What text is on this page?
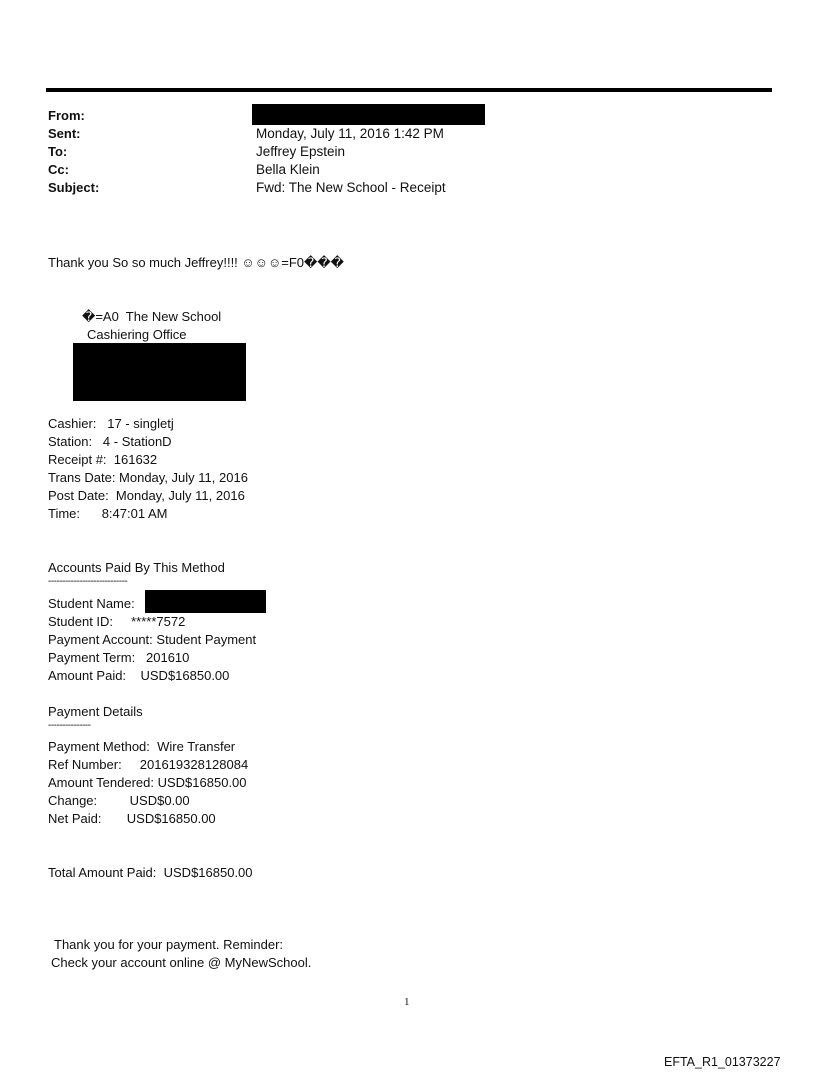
From:
Sent:	Monday, July 11, 2016 1:42 PM
To:	Jeffrey Epstein
Cc:	Bella Klein
Subject:	Fwd: The New School - Receipt
Thank you So so much Jeffrey!!!! ☺☺☺=F0���
�=A0  The New School
Cashiering Office
Cashier:   17 - singletj
Station:   4 - StationD
Receipt #:  161632
Trans Date: Monday, July 11, 2016
Post Date:  Monday, July 11, 2016
Time:      8:47:01 AM
Accounts Paid By This Method
----------------------------
Student Name:
Student ID:     *****7572
Payment Account: Student Payment
Payment Term:   201610
Amount Paid:    USD$16850.00
Payment Details
---------------
Payment Method:  Wire Transfer
Ref Number:     201619328128084
Amount Tendered: USD$16850.00
Change:         USD$0.00
Net Paid:       USD$16850.00
Total Amount Paid:  USD$16850.00
Thank you for your payment. Reminder:
Check your account online @ MyNewSchool.
1
EFTA_R1_01373227
